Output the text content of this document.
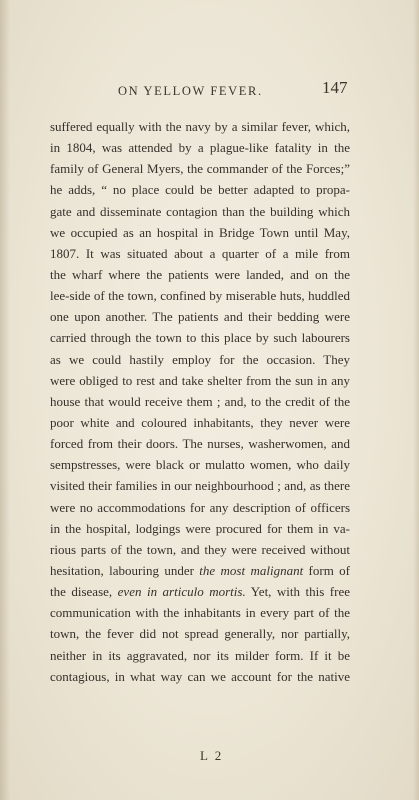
ON YELLOW FEVER.	147
suffered equally with the navy by a similar fever, which,
in 1804, was attended by a plague-like fatality in the
family of General Myers, the commander of the Forces;”
he adds, “ no place could be better adapted to propa-
gate and disseminate contagion than the building which
we occupied as an hospital in Bridge Town until May,
1807. It was situated about a quarter of a mile from
the wharf where the patients were landed, and on the
lee-side of the town, confined by miserable huts, huddled
one upon another. The patients and their bedding were
carried through the town to this place by such labourers
as we could hastily employ for the occasion. They
were obliged to rest and take shelter from the sun in any
house that would receive them ; and, to the credit of the
poor white and coloured inhabitants, they never were
forced from their doors. The nurses, washerwomen, and
sempstresses, were black or mulatto women, who daily
visited their families in our neighbourhood ; and, as there
were no accommodations for any description of officers
in the hospital, lodgings were procured for them in va-
rious parts of the town, and they were received without
hesitation, labouring under the most malignant form of
the disease, even in articulo mortis. Yet, with this free
communication with the inhabitants in every part of the
town, the fever did not spread generally, nor partially,
neither in its aggravated, nor its milder form. If it be
contagious, in what way can we account for the native
L 2
